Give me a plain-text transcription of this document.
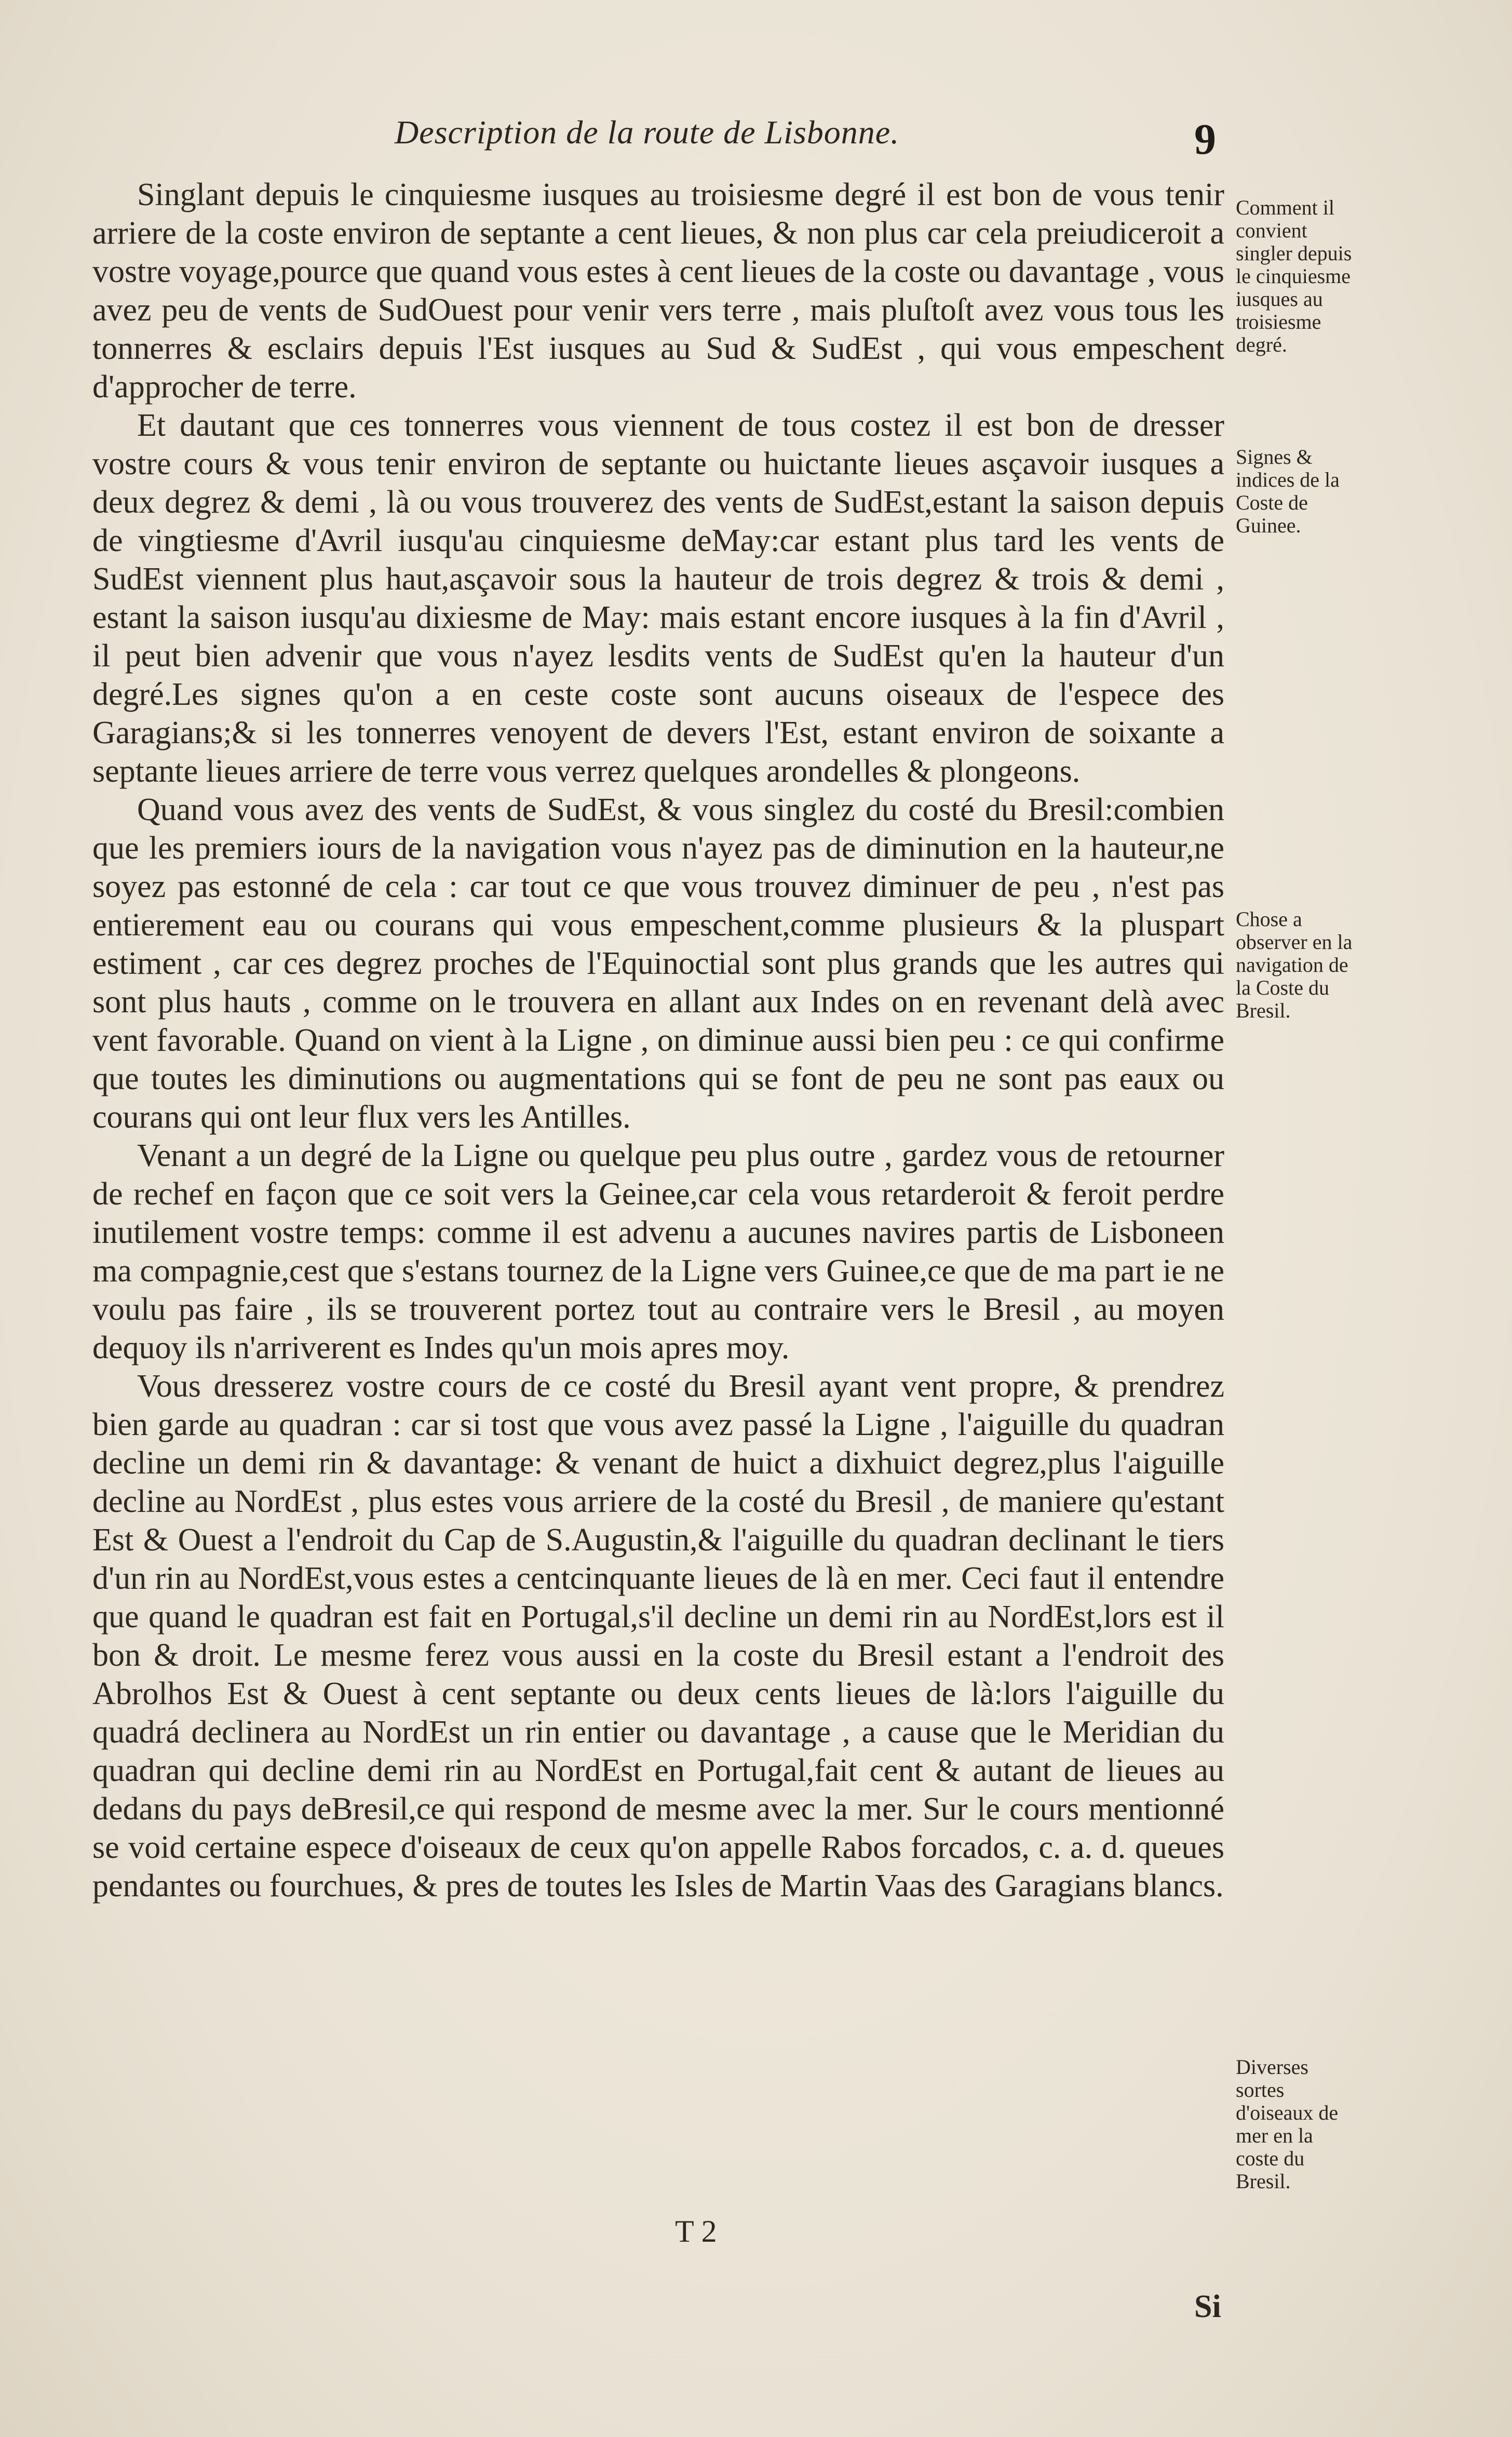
Description de la route de Lisbonne.	9

Singlant depuis le cinquiesme iusques au troisiesme degré il est bon de vous tenir arriere de la coste environ de septante a cent lieues, & non plus car cela preiudiceroit a vostre voyage,pource que quand vous estes à cent lieues de la coste ou davantage , vous avez peu de vents de SudOuest pour venir vers terre , mais pluſtoſt avez vous tous les tonnerres & esclairs depuis l'Est iusques au Sud & SudEst , qui vous empeschent d'approcher de terre.

Et dautant que ces tonnerres vous viennent de tous costez il est bon de dresser vostre cours & vous tenir environ de septante ou huictante lieues asçavoir iusques a deux degrez & demi , là ou vous trouverez des vents de SudEst,estant la saison depuis de vingtiesme d'Avril iusqu'au cinquiesme deMay:car estant plus tard les vents de SudEst viennent plus haut,asçavoir sous la hauteur de trois degrez & trois & demi , estant la saison iusqu'au dixiesme de May: mais estant encore iusques à la fin d'Avril , il peut bien advenir que vous n'ayez lesdits vents de SudEst qu'en la hauteur d'un degré.Les signes qu'on a en ceste coste sont aucuns oiseaux de l'espece des Garagians;& si les tonnerres venoyent de devers l'Est, estant environ de soixante a septante lieues arriere de terre vous verrez quelques arondelles & plongeons.

Quand vous avez des vents de SudEst, & vous singlez du costé du Bresil:combien que les premiers iours de la navigation vous n'ayez pas de diminution en la hauteur,ne soyez pas estonné de cela : car tout ce que vous trouvez diminuer de peu , n'est pas entierement eau ou courans qui vous empeschent,comme plusieurs & la pluspart estiment , car ces degrez proches de l'Equinoctial sont plus grands que les autres qui sont plus hauts , comme on le trouvera en allant aux Indes on en revenant delà avec vent favorable. Quand on vient à la Ligne , on diminue aussi bien peu : ce qui confirme que toutes les diminutions ou augmentations qui se font de peu ne sont pas eaux ou courans qui ont leur flux vers les Antilles.

Venant a un degré de la Ligne ou quelque peu plus outre , gardez vous de retourner de rechef en façon que ce soit vers la Geinee,car cela vous retarderoit & feroit perdre inutilement vostre temps: comme il est advenu a aucunes navires partis de Lisboneen ma compagnie,cest que s'estans tournez de la Ligne vers Guinee,ce que de ma part ie ne voulu pas faire , ils se trouverent portez tout au contraire vers le Bresil , au moyen dequoy ils n'arriverent es Indes qu'un mois apres moy.

Vous dresserez vostre cours de ce costé du Bresil ayant vent propre, & prendrez bien garde au quadran : car si tost que vous avez passé la Ligne , l'aiguille du quadran decline un demi rin & davantage: & venant de huict a dixhuict degrez,plus l'aiguille decline au NordEst , plus estes vous arriere de la costé du Bresil , de maniere qu'estant Est & Ouest a l'endroit du Cap de S.Augustin,& l'aiguille du quadran declinant le tiers d'un rin au NordEst,vous estes a centcinquante lieues de là en mer. Ceci faut il entendre que quand le quadran est fait en Portugal,s'il decline un demi rin au NordEst,lors est il bon & droit. Le mesme ferez vous aussi en la coste du Bresil estant a l'endroit des Abrolhos Est & Ouest à cent septante ou deux cents lieues de là:lors l'aiguille du quadrá declinera au NordEst un rin entier ou davantage , a cause que le Meridian du quadran qui decline demi rin au NordEst en Portugal,fait cent & autant de lieues au dedans du pays deBresil,ce qui respond de mesme avec la mer. Sur le cours mentionné se void certaine espece d'oiseaux de ceux qu'on appelle Rabos forcados, c. a. d. queues pendantes ou fourchues, & pres de toutes les Isles de Martin Vaas des Garagians blancs.

Comment il convient singler depuis le cinquiesme iusques au troisiesme degré.
Signes & indices de la Coste de Guinee.
Chose a observer en la navigation de la Coste du Bresil.
Diverses sortes d'oiseaux de mer en la coste du Bresil.
T 2
Si
